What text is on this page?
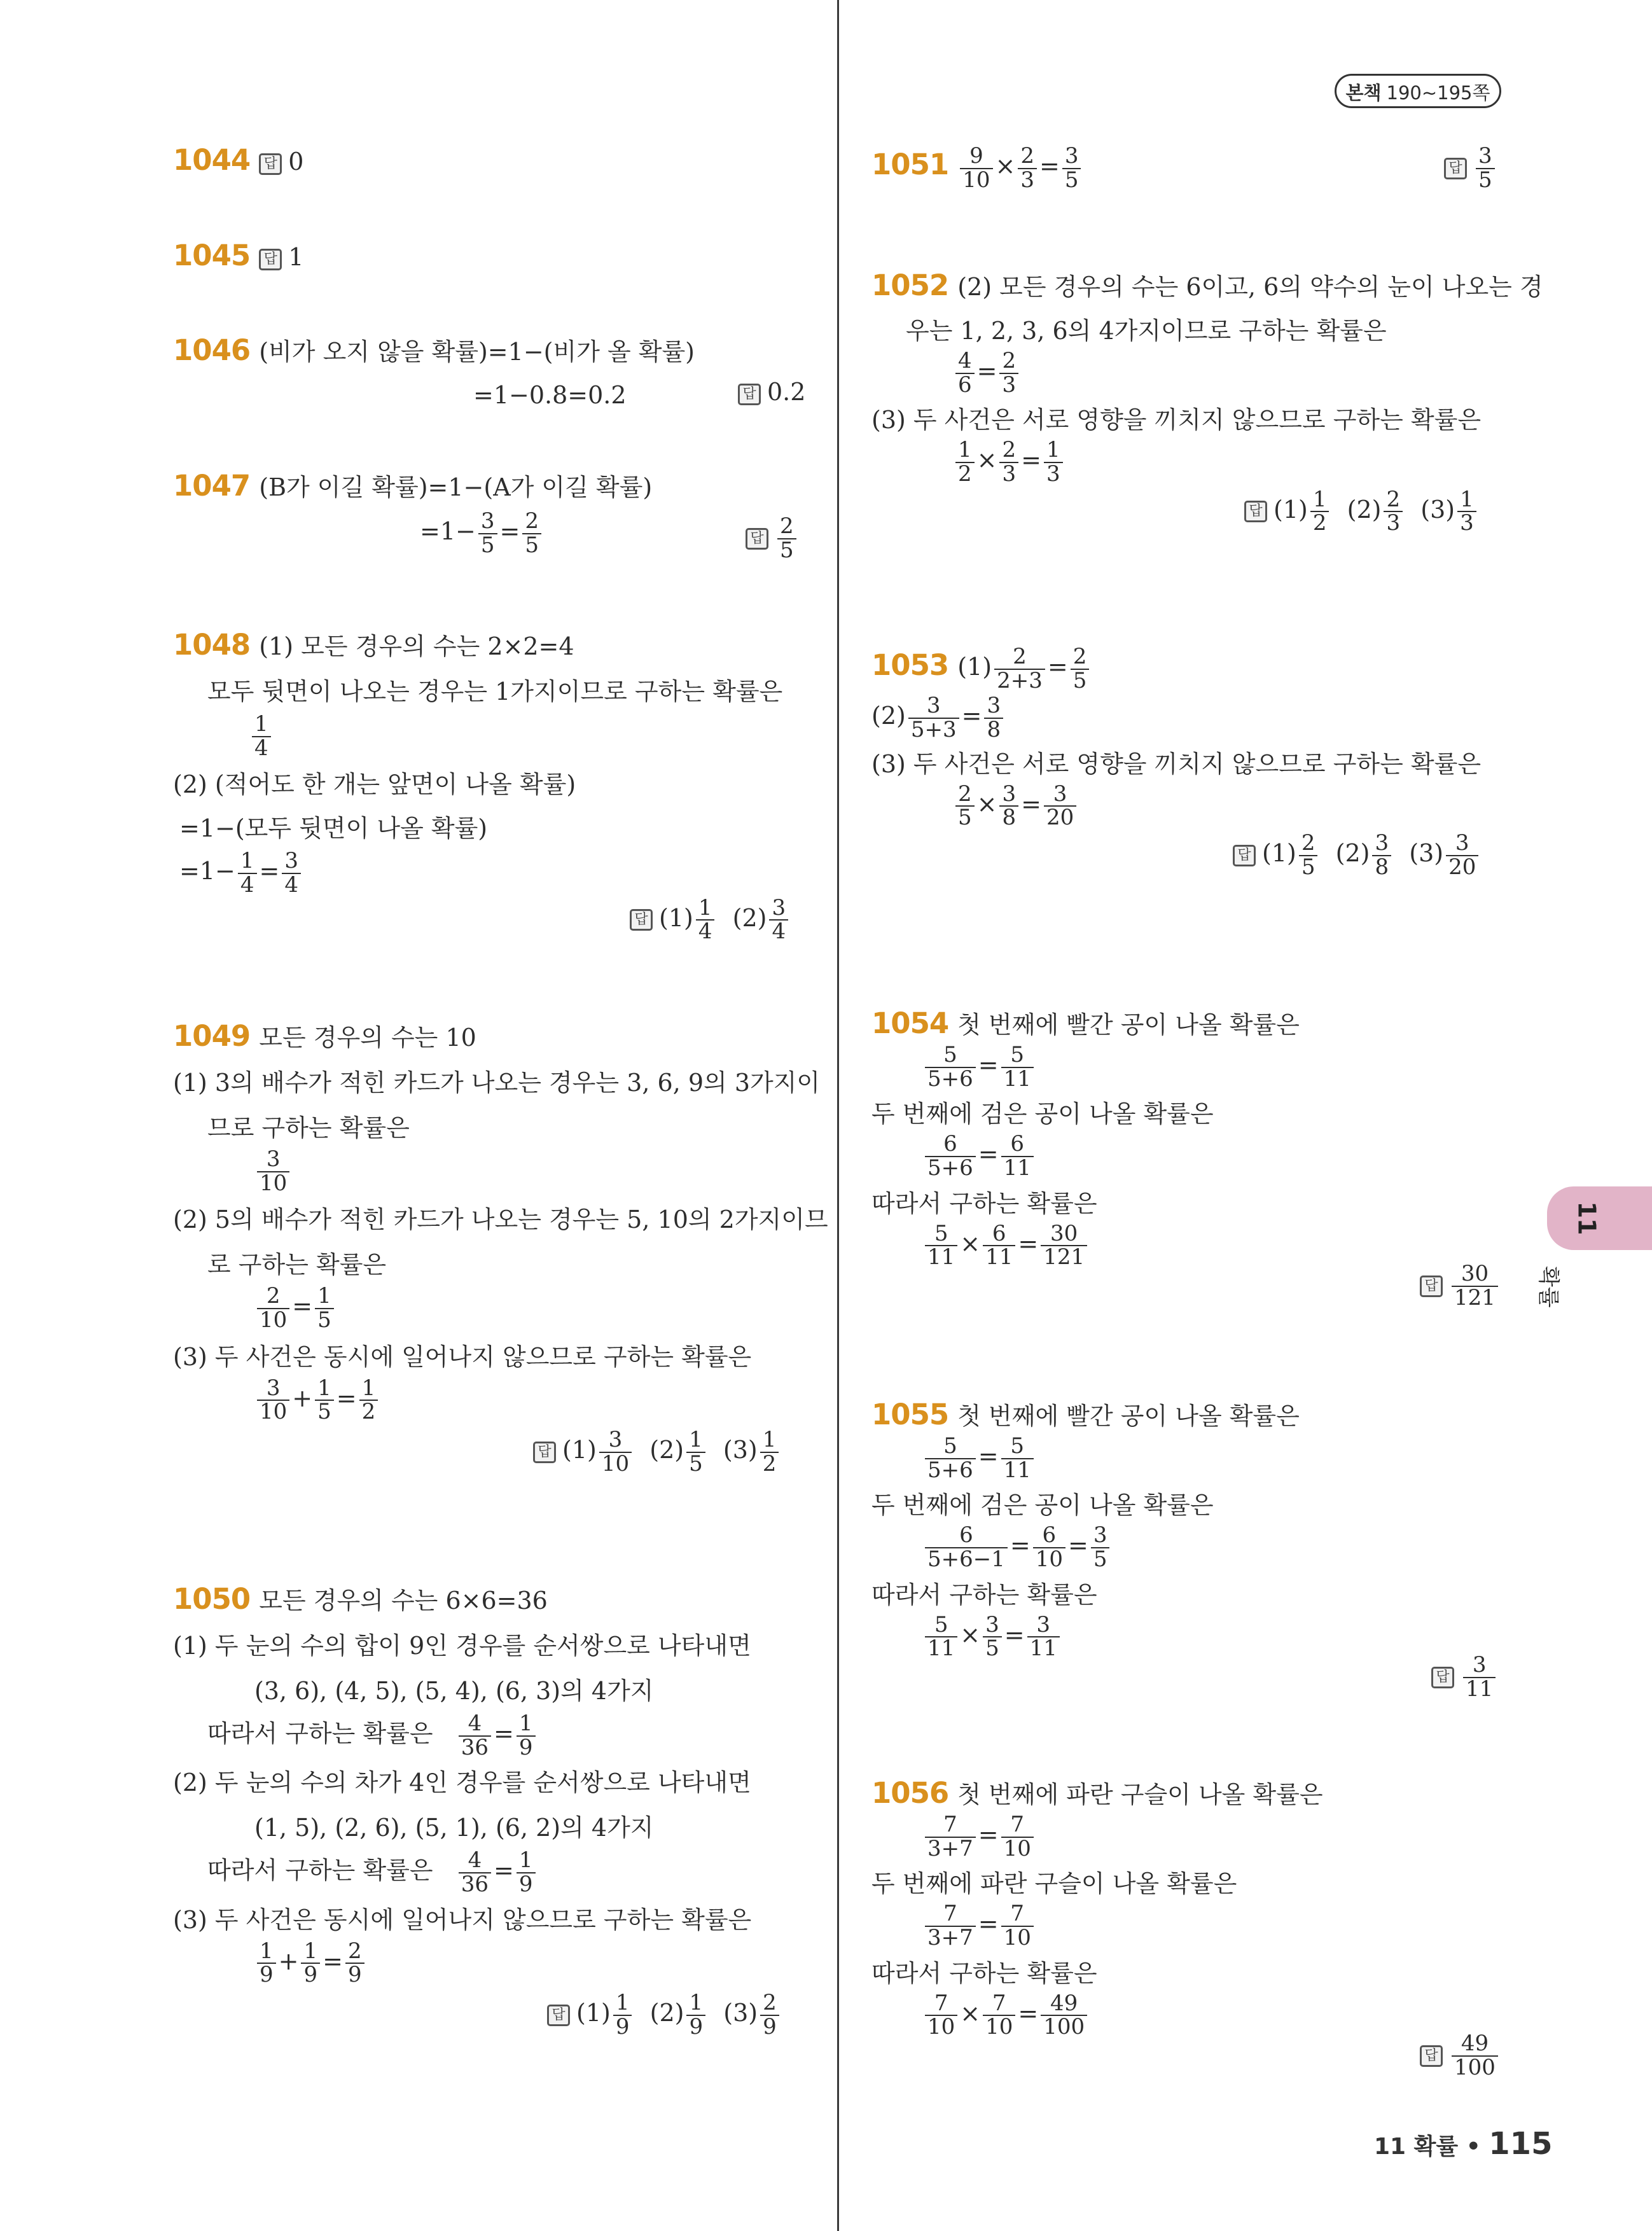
본책 190~195쪽
1044 답 0
1045 답 1
1046 (비가 오지 않을 확률)=1−(비가 올 확률)
=1−0.8=0.2	답 0.2
1047 (B가 이길 확률)=1−(A가 이길 확률)
$=1- \frac{3}{5} = \frac{2}{5}$	답 $\frac{2}{5}$
1048 (1) 모든 경우의 수는 2×2=4
모두 뒷면이 나오는 경우는 1가지이므로 구하는 확률은
$\frac{1}{4}$
(2) (적어도 한 개는 앞면이 나올 확률)
=1−(모두 뒷면이 나올 확률)
$=1- \frac{1}{4} = \frac{3}{4}$
답 $(1) \frac{1}{4} (2) \frac{3}{4}$
1049 모든 경우의 수는 10
(1) 3의 배수가 적힌 카드가 나오는 경우는 3, 6, 9의 3가지이
므로 구하는 확률은
$\frac{3}{10}$
(2) 5의 배수가 적힌 카드가 나오는 경우는 5, 10의 2가지이므
로 구하는 확률은
$\frac{2}{10} = \frac{1}{5}$
(3) 두 사건은 동시에 일어나지 않으므로 구하는 확률은
$\frac{3}{10} + \frac{1}{5} = \frac{1}{2}$
답 $(1) \frac{3}{10} (2) \frac{1}{5} (3) \frac{1}{2}$
1050 모든 경우의 수는 6×6=36
(1) 두 눈의 수의 합이 9인 경우를 순서쌍으로 나타내면
(3, 6), (4, 5), (5, 4), (6, 3)의 4가지
따라서 구하는 확률은 $\frac{4}{36} = \frac{1}{9}$
(2) 두 눈의 수의 차가 4인 경우를 순서쌍으로 나타내면
(1, 5), (2, 6), (5, 1), (6, 2)의 4가지
따라서 구하는 확률은 $\frac{4}{36} = \frac{1}{9}$
(3) 두 사건은 동시에 일어나지 않으므로 구하는 확률은
$\frac{1}{9} + \frac{1}{9} = \frac{2}{9}$
답 $(1) \frac{1}{9} (2) \frac{1}{9} (3) \frac{2}{9}$
$1051 \frac{9}{10} \times \frac{2}{3} = \frac{3}{5}$	답 $\frac{3}{5}$
1052 (2) 모든 경우의 수는 6이고, 6의 약수의 눈이 나오는 경
우는 1, 2, 3, 6의 4가지이므로 구하는 확률은
$\frac{4}{6} = \frac{2}{3}$
(3) 두 사건은 서로 영향을 끼치지 않으므로 구하는 확률은
$\frac{1}{2} \times \frac{2}{3} = \frac{1}{3}$
답 $(1) \frac{1}{2} (2) \frac{2}{3} (3) \frac{1}{3}$
1053 $(1) \frac{2}{2+3} = \frac{2}{5}$
$(2) \frac{3}{5+3} = \frac{3}{8}$
(3) 두 사건은 서로 영향을 끼치지 않으므로 구하는 확률은
$\frac{2}{5} \times \frac{3}{8} = \frac{3}{20}$
답 $(1) \frac{2}{5} (2) \frac{3}{8} (3) \frac{3}{20}$
1054 첫 번째에 빨간 공이 나올 확률은
$\frac{5}{5+6} = \frac{5}{11}$
두 번째에 검은 공이 나올 확률은
$\frac{6}{5+6} = \frac{6}{11}$
따라서 구하는 확률은
$\frac{5}{11} \times \frac{6}{11} = \frac{30}{121}$
답 $\frac{30}{121}$
1055 첫 번째에 빨간 공이 나올 확률은
$\frac{5}{5+6} = \frac{5}{11}$
두 번째에 검은 공이 나올 확률은
$\frac{6}{5+6-1} = \frac{6}{10} = \frac{3}{5}$
따라서 구하는 확률은
$\frac{5}{11} \times \frac{3}{5} = \frac{3}{11}$
답 $\frac{3}{11}$
1056 첫 번째에 파란 구슬이 나올 확률은
$\frac{7}{3+7} = \frac{7}{10}$
두 번째에 파란 구슬이 나올 확률은
$\frac{7}{3+7} = \frac{7}{10}$
따라서 구하는 확률은
$\frac{7}{10} \times \frac{7}{10} = \frac{49}{100}$
답 $\frac{49}{100}$
11
확률
11 확률 • 115
